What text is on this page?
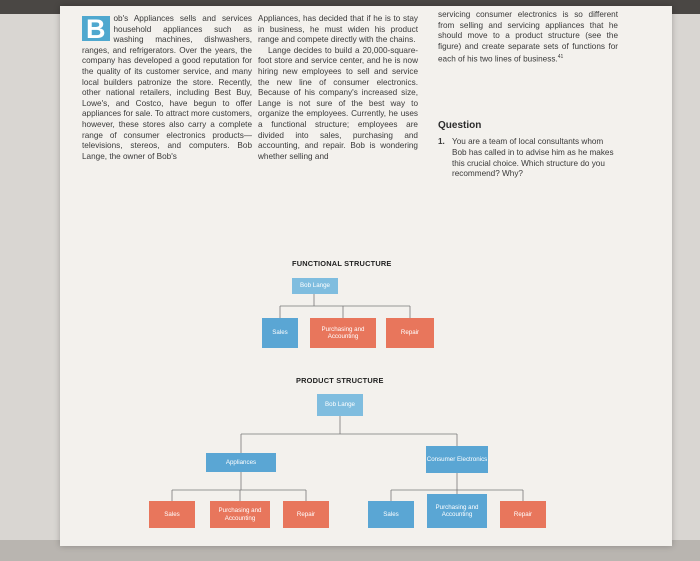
B ob's Appliances sells and services household appliances such as washing machines, dishwashers, ranges, and refrigerators. Over the years, the company has developed a good reputation for the quality of its customer service, and many local builders patronize the store. Recently, other national retailers, including Best Buy, Lowe's, and Costco, have begun to offer appliances for sale. To attract more customers, however, these stores also carry a complete range of consumer electronics products—televisions, stereos, and computers. Bob Lange, the owner of Bob's

Appliances, has decided that if he is to stay in business, he must widen his product range and compete directly with the chains.

Lange decides to build a 20,000-square-foot store and service center, and he is now hiring new employees to sell and service the new line of consumer electronics. Because of his company's increased size, Lange is not sure of the best way to organize the employees. Currently, he uses a functional structure; employees are divided into sales, purchasing and accounting, and repair. Bob is wondering whether selling and

servicing consumer electronics is so different from selling and servicing appliances that he should move to a product structure (see the figure) and create separate sets of functions for each of his two lines of business.$^{41}$

Question
1. You are a team of local consultants whom Bob has called in to advise him as he makes this crucial choice. Which structure do you recommend? Why?
FUNCTIONAL STRUCTURE
Bob Lange
Sales
Purchasing and Accounting
Repair
PRODUCT STRUCTURE
Bob Lange
Appliances	Consumer Electronics
Sales
Purchasing and Accounting
Repair	Sales
Purchasing and Accounting	Repair
